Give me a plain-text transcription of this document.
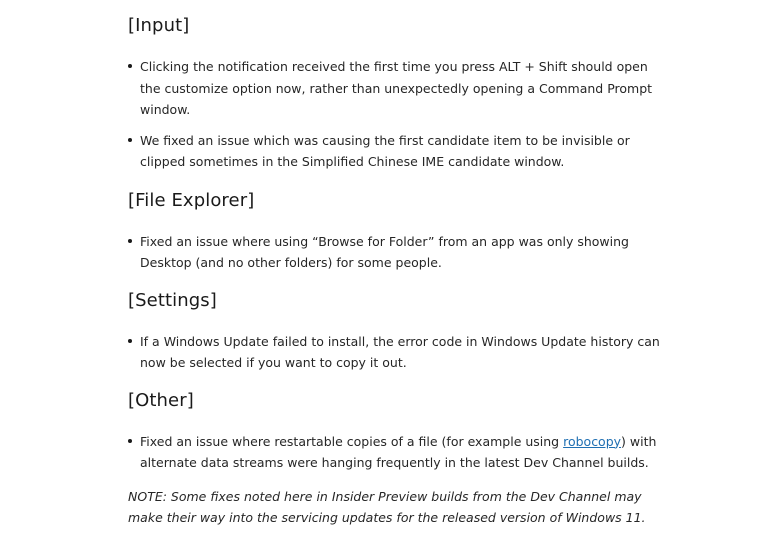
[Input]
Clicking the notification received the first time you press ALT + Shift should open the customize option now, rather than unexpectedly opening a Command Prompt window.
We fixed an issue which was causing the first candidate item to be invisible or clipped sometimes in the Simplified Chinese IME candidate window.
[File Explorer]
Fixed an issue where using “Browse for Folder” from an app was only showing Desktop (and no other folders) for some people.
[Settings]
If a Windows Update failed to install, the error code in Windows Update history can now be selected if you want to copy it out.
[Other]
Fixed an issue where restartable copies of a file (for example using robocopy) with alternate data streams were hanging frequently in the latest Dev Channel builds.

NOTE: Some fixes noted here in Insider Preview builds from the Dev Channel may make their way into the servicing updates for the released version of Windows 11.
